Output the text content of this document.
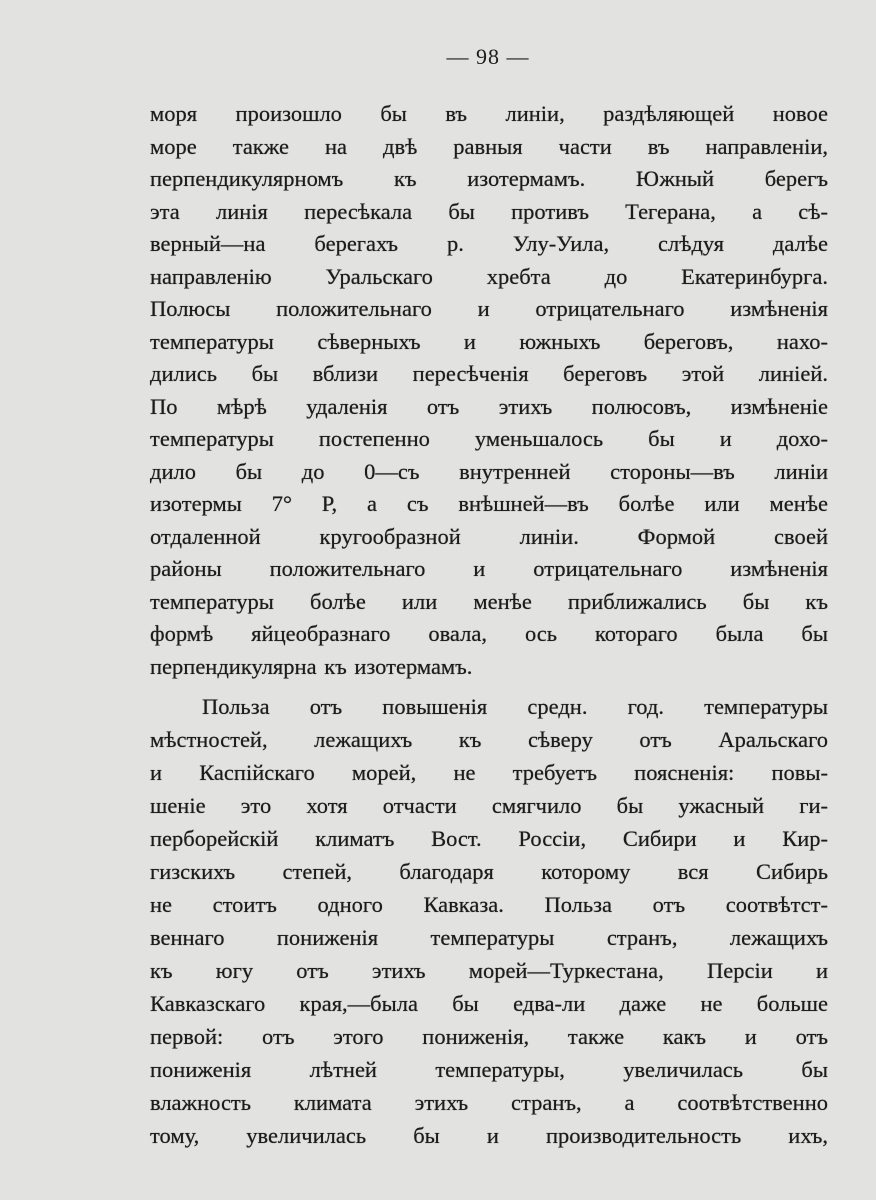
— 98 —
моря произошло бы въ линіи, раздѣляющей новое
море также на двѣ равныя части въ направленіи,
перпендикулярномъ къ изотермамъ. Южный берегъ
эта линія пересѣкала бы противъ Тегерана, а сѣ-
верный—на берегахъ р. Улу-Уила, слѣдуя далѣе
направленію Уральскаго хребта до Екатеринбурга.
Полюсы положительнаго и отрицательнаго измѣненія
температуры сѣверныхъ и южныхъ береговъ, нахо-
дились бы вблизи пересѣченія береговъ этой линіей.
По мѣрѣ удаленія отъ этихъ полюсовъ, измѣненіе
температуры постепенно уменьшалось бы и дохо-
дило бы до 0—съ внутренней стороны—въ линіи
изотермы 7° Р, а съ внѣшней—въ болѣе или менѣе
отдаленной кругообразной линіи. Формой своей
районы положительнаго и отрицательнаго измѣненія
температуры болѣе или менѣе приближались бы къ
формѣ яйцеобразнаго овала, ось котораго была бы
перпендикулярна къ изотермамъ.
Польза отъ повышенія средн. год. температуры
мѣстностей, лежащихъ къ сѣверу отъ Аральскаго
и Каспійскаго морей, не требуетъ поясненія: повы-
шеніе это хотя отчасти смягчило бы ужасный ги-
перборейскій климатъ Вост. Россіи, Сибири и Кир-
гизскихъ степей, благодаря которому вся Сибирь
не стоитъ одного Кавказа. Польза отъ соотвѣтст-
веннаго пониженія температуры странъ, лежащихъ
къ югу отъ этихъ морей—Туркестана, Персіи и
Кавказскаго края,—была бы едва-ли даже не больше
первой: отъ этого пониженія, также какъ и отъ
пониженія лѣтней температуры, увеличилась бы
влажность климата этихъ странъ, а соотвѣтственно
тому, увеличилась бы и производительность ихъ,
